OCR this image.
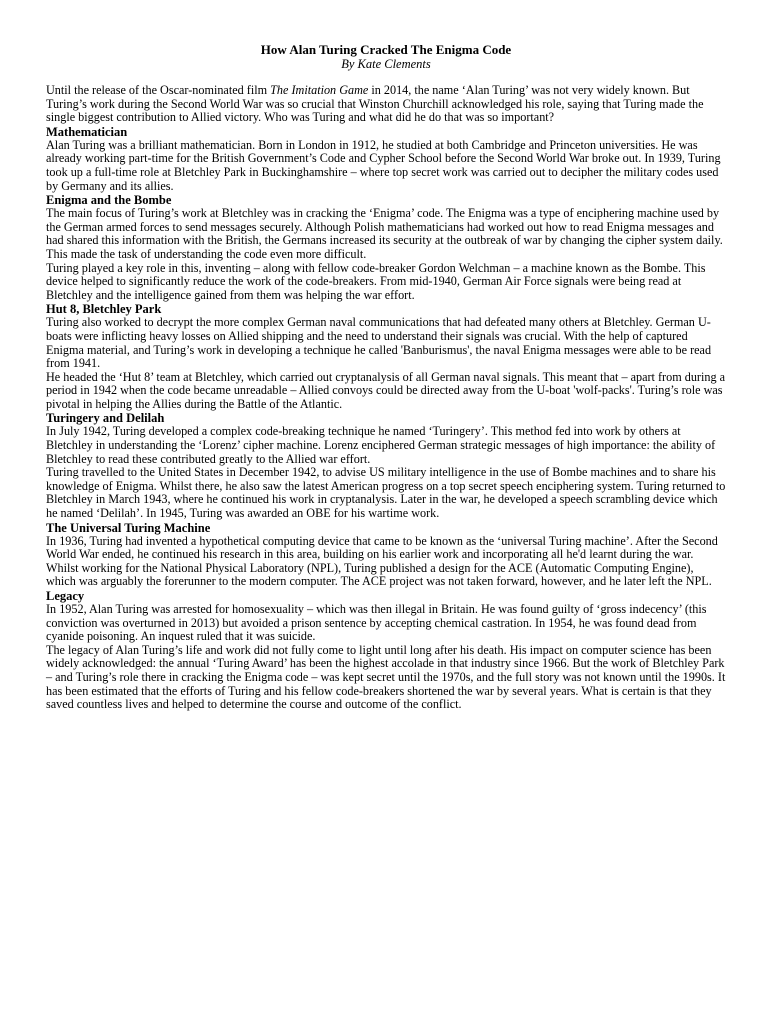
How Alan Turing Cracked The Enigma Code
By Kate Clements

Until the release of the Oscar-nominated film The Imitation Game in 2014, the name ‘Alan Turing’ was not very widely known. But Turing’s work during the Second World War was so crucial that Winston Churchill acknowledged his role, saying that Turing made the single biggest contribution to Allied victory. Who was Turing and what did he do that was so important?

Mathematician

Alan Turing was a brilliant mathematician. Born in London in 1912, he studied at both Cambridge and Princeton universities. He was already working part-time for the British Government’s Code and Cypher School before the Second World War broke out. In 1939, Turing took up a full-time role at Bletchley Park in Buckinghamshire – where top secret work was carried out to decipher the military codes used by Germany and its allies.

Enigma and the Bombe

The main focus of Turing’s work at Bletchley was in cracking the ‘Enigma’ code. The Enigma was a type of enciphering machine used by the German armed forces to send messages securely. Although Polish mathematicians had worked out how to read Enigma messages and had shared this information with the British, the Germans increased its security at the outbreak of war by changing the cipher system daily. This made the task of understanding the code even more difficult.

Turing played a key role in this, inventing – along with fellow code-breaker Gordon Welchman – a machine known as the Bombe. This device helped to significantly reduce the work of the code-breakers. From mid-1940, German Air Force signals were being read at Bletchley and the intelligence gained from them was helping the war effort.

Hut 8, Bletchley Park

Turing also worked to decrypt the more complex German naval communications that had defeated many others at Bletchley. German U-boats were inflicting heavy losses on Allied shipping and the need to understand their signals was crucial. With the help of captured Enigma material, and Turing’s work in developing a technique he called 'Banburismus', the naval Enigma messages were able to be read from 1941.

He headed the ‘Hut 8’ team at Bletchley, which carried out cryptanalysis of all German naval signals. This meant that – apart from during a period in 1942 when the code became unreadable – Allied convoys could be directed away from the U-boat 'wolf-packs'. Turing’s role was pivotal in helping the Allies during the Battle of the Atlantic.

Turingery and Delilah

In July 1942, Turing developed a complex code-breaking technique he named ‘Turingery’. This method fed into work by others at Bletchley in understanding the ‘Lorenz’ cipher machine. Lorenz enciphered German strategic messages of high importance: the ability of Bletchley to read these contributed greatly to the Allied war effort.

Turing travelled to the United States in December 1942, to advise US military intelligence in the use of Bombe machines and to share his knowledge of Enigma. Whilst there, he also saw the latest American progress on a top secret speech enciphering system. Turing returned to Bletchley in March 1943, where he continued his work in cryptanalysis. Later in the war, he developed a speech scrambling device which he named ‘Delilah’. In 1945, Turing was awarded an OBE for his wartime work.

The Universal Turing Machine

In 1936, Turing had invented a hypothetical computing device that came to be known as the ‘universal Turing machine’. After the Second World War ended, he continued his research in this area, building on his earlier work and incorporating all he'd learnt during the war. Whilst working for the National Physical Laboratory (NPL), Turing published a design for the ACE (Automatic Computing Engine), which was arguably the forerunner to the modern computer. The ACE project was not taken forward, however, and he later left the NPL.

Legacy

In 1952, Alan Turing was arrested for homosexuality – which was then illegal in Britain. He was found guilty of ‘gross indecency’ (this conviction was overturned in 2013) but avoided a prison sentence by accepting chemical castration. In 1954, he was found dead from cyanide poisoning. An inquest ruled that it was suicide.

The legacy of Alan Turing’s life and work did not fully come to light until long after his death. His impact on computer science has been widely acknowledged: the annual ‘Turing Award’ has been the highest accolade in that industry since 1966. But the work of Bletchley Park – and Turing’s role there in cracking the Enigma code – was kept secret until the 1970s, and the full story was not known until the 1990s. It has been estimated that the efforts of Turing and his fellow code-breakers shortened the war by several years. What is certain is that they saved countless lives and helped to determine the course and outcome of the conflict.
